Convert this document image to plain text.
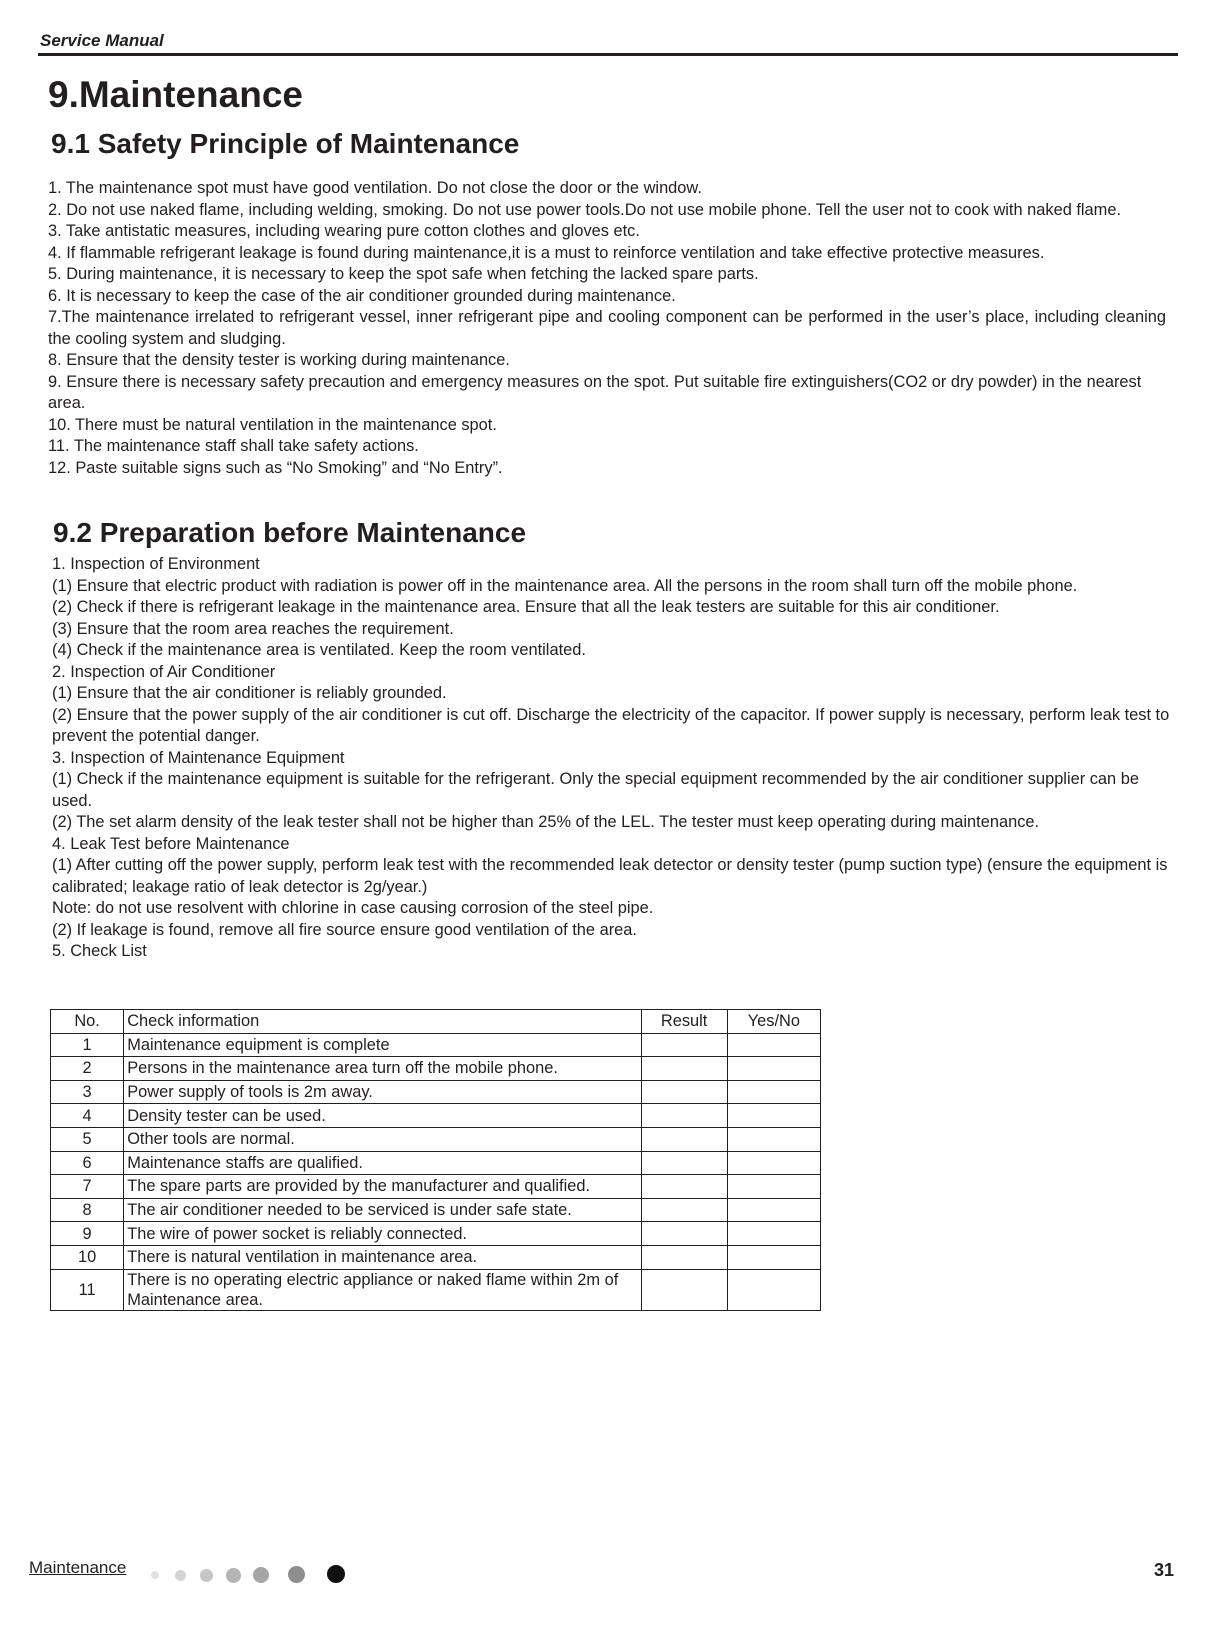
Service Manual
9.Maintenance
9.1 Safety Principle of Maintenance

1. The maintenance spot must have good ventilation. Do not close the door or the window.

2. Do not use naked flame, including welding, smoking. Do not use power tools.Do not use mobile phone. Tell the user not to cook with naked flame.

3. Take antistatic measures, including wearing pure cotton clothes and gloves etc.

4. If flammable refrigerant leakage is found during maintenance,it is a must to reinforce ventilation and take effective protective measures.

5. During maintenance, it is necessary to keep the spot safe when fetching the lacked spare parts.

6. It is necessary to keep the case of the air conditioner grounded during maintenance.

7.The maintenance irrelated to refrigerant vessel, inner refrigerant pipe and cooling component can be performed in the user’s place, including cleaning the cooling system and sludging.

8. Ensure that the density tester is working during maintenance.

9. Ensure there is necessary safety precaution and emergency measures on the spot. Put suitable fire extinguishers(CO2 or dry powder) in the nearest area.

10. There must be natural ventilation in the maintenance spot.

11. The maintenance staff shall take safety actions.

12. Paste suitable signs such as “No Smoking” and “No Entry”.

9.2 Preparation before Maintenance

1. Inspection of Environment

(1) Ensure that electric product with radiation is power off in the maintenance area. All the persons in the room shall turn off the mobile phone.

(2) Check if there is refrigerant leakage in the maintenance area. Ensure that all the leak testers are suitable for this air conditioner.

(3) Ensure that the room area reaches the requirement.

(4) Check if the maintenance area is ventilated. Keep the room ventilated.

2. Inspection of Air Conditioner

(1) Ensure that the air conditioner is reliably grounded.

(2) Ensure that the power supply of the air conditioner is cut off. Discharge the electricity of the capacitor. If power supply is necessary, perform leak test to prevent the potential danger.

3. Inspection of Maintenance Equipment

(1) Check if the maintenance equipment is suitable for the refrigerant. Only the special equipment recommended by the air conditioner supplier can be used.

(2) The set alarm density of the leak tester shall not be higher than 25% of the LEL. The tester must keep operating during maintenance.

4. Leak Test before Maintenance

(1) After cutting off the power supply, perform leak test with the recommended leak detector or density tester (pump suction type) (ensure the equipment is calibrated; leakage ratio of leak detector is 2g/year.)

Note: do not use resolvent with chlorine in case causing corrosion of the steel pipe.

(2) If leakage is found, remove all fire source ensure good ventilation of the area.

5. Check List

No.	Check information	Result	Yes/No
1	Maintenance equipment is complete		
2	Persons in the maintenance area turn off the mobile phone.		
3	Power supply of tools is 2m away.		
4	Density tester can be used.		
5	Other tools are normal.		
6	Maintenance staffs are qualified.		
7	The spare parts are provided by the manufacturer and qualified.		
8	The air conditioner needed to be serviced is under safe state.		
9	The wire of power socket is reliably connected.		
10	There is natural ventilation in maintenance area.		
11	There is no operating electric appliance or naked flame within 2m of Maintenance area.		
Maintenance	31
